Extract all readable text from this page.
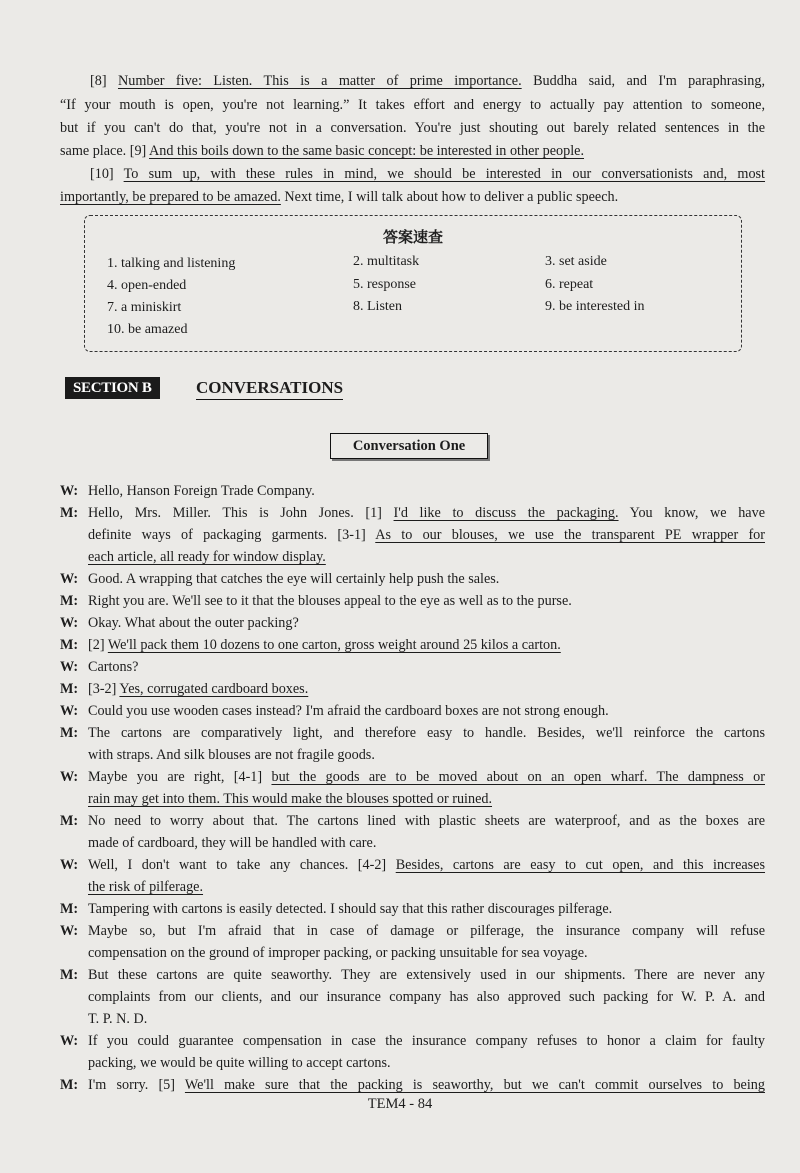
[8] Number five: Listen. This is a matter of prime importance. Buddha said, and I'm paraphrasing,
“If your mouth is open, you're not learning.” It takes effort and energy to actually pay attention to someone,
but if you can't do that, you're not in a conversation. You're just shouting out barely related sentences in the
same place. [9] And this boils down to the same basic concept: be interested in other people.
[10] To sum up, with these rules in mind, we should be interested in our conversationists and, most
importantly, be prepared to be amazed. Next time, I will talk about how to deliver a public speech.
答案速查
1. talking and listening	2. multitask	3. set aside
4. open-ended	5. response	6. repeat
7. a miniskirt	8. Listen	9. be interested in
10. be amazed
SECTION B	CONVERSATIONS
Conversation One
W: Hello, Hanson Foreign Trade Company.
M: Hello, Mrs. Miller. This is John Jones. [1] I'd like to discuss the packaging. You know, we have
definite ways of packaging garments. [3-1] As to our blouses, we use the transparent PE wrapper for
each article, all ready for window display.
W: Good. A wrapping that catches the eye will certainly help push the sales.
M: Right you are. We'll see to it that the blouses appeal to the eye as well as to the purse.
W: Okay. What about the outer packing?
M: [2] We'll pack them 10 dozens to one carton, gross weight around 25 kilos a carton.
W: Cartons?
M: [3-2] Yes, corrugated cardboard boxes.
W: Could you use wooden cases instead? I'm afraid the cardboard boxes are not strong enough.
M: The cartons are comparatively light, and therefore easy to handle. Besides, we'll reinforce the cartons
with straps. And silk blouses are not fragile goods.
W: Maybe you are right, [4-1] but the goods are to be moved about on an open wharf. The dampness or
rain may get into them. This would make the blouses spotted or ruined.
M: No need to worry about that. The cartons lined with plastic sheets are waterproof, and as the boxes are
made of cardboard, they will be handled with care.
W: Well, I don't want to take any chances. [4-2] Besides, cartons are easy to cut open, and this increases
the risk of pilferage.
M: Tampering with cartons is easily detected. I should say that this rather discourages pilferage.
W: Maybe so, but I'm afraid that in case of damage or pilferage, the insurance company will refuse
compensation on the ground of improper packing, or packing unsuitable for sea voyage.
M: But these cartons are quite seaworthy. They are extensively used in our shipments. There are never any
complaints from our clients, and our insurance company has also approved such packing for W. P. A. and
T. P. N. D.
W: If you could guarantee compensation in case the insurance company refuses to honor a claim for faulty
packing, we would be quite willing to accept cartons.
M: I'm sorry. [5] We'll make sure that the packing is seaworthy, but we can't commit ourselves to being
TEM4 - 84
